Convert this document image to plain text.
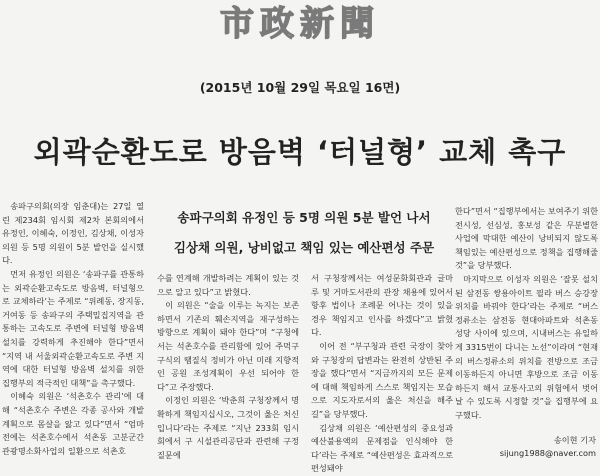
市政新聞
(2015년 10월 29일 목요일 16면)
외곽순환도로 방음벽 ‘터널형’ 교체 촉구
송파구의회 유정인 등 5명 의원 5분 발언 나서
김상채 의원, 낭비없고 책임 있는 예산편성 주문

송파구의회(의장 임춘대)는 27일 열린 제234회 임시회 제2차 본회의에서 유정인, 이혜숙, 이정인, 김상채, 이성자 의원 등 5명 의원이 5분 발언을 실시했다.

먼저 유정인 의원은 ‘송파구를 관통하는 외곽순환고속도로 방음벽, 터널형으로 교체하라’는 주제로 “위례동, 장지동, 거여동 등 송파구의 주택밀집지역을 관통하는 고속도로 주변에 터널형 방음벽 설치를 강력하게 추진해야 한다”면서 “지역 내 서울외곽순환고속도로 주변 지역에 대한 터널형 방음벽 설치를 위한 집행부의 적극적인 대책”을 촉구했다.

이혜숙 의원은 ‘석촌호수 관리’에 대해 “석촌호수 주변은 각종 공사와 개발계획으로 몸살을 앓고 있다”면서 “엄마전에는 석촌호수에서 석촌동 고분군간 관광명소화사업의 일환으로 석촌호

수를 연계해 개발하려는 계획이 있는 것으로 알고 있다”고 밝혔다.

이 의원은 “술을 이루는 녹지는 보존하면서 기존의 훼손지역을 재구성하는 방향으로 계획이 돼야 한다”며 “구청에서는 석촌호수를 관리함에 있어 주먹구구식의 땜질식 정비가 아닌 미래 지향적인 공원 조성계획이 우선 되어야 한다”고 주장했다.

이정인 의원은 ‘박춘희 구청장께서 명확하게 책임지십시오, 그것이 옳은 처신입니다’라는 주제로 “지난 233회 임시회에서 구 시설관리공단과 관련해 구정질문에

서 구청장께서는 여성문화회관과 글마루 및 거마도서관의 관장 채용에 있어서 항후 법이나 조례문 어나는 것이 있을 경우 책임지고 인사를 하겠다”고 밝혔다.

이어 전 “부구청과 관련 국장이 찾아와 구청장의 답변과는 완전히 상반된 주장을 했다”면서 “지금까지의 모든 문제에 대해 책임하게 스스로 책임지는 모습으로 지도자로서의 옳은 처신을 해주길”을 당부했다.

김상채 의원은 ‘예산편성의 중요성과 예산불용액의 문제점을 인식해야 한다’라는 주제로 “예산편성은 효과적으로 편성돼야

한다”면서 “집행부에서는 보여주기 위한 전시성, 선심성, 홍보성 같은 무분별한 사업에 막대한 예산이 낭비되지 않도록 책임있는 예산편성으로 정책을 집행해줄 것”을 당부했다.

마지막으로 이성자 의원은 ‘잘못 설치된 삼전동 쌍용아이트 필라 버스 승강장 위치를 바꿔야 한다’라는 주제로 “버스 정류소는 삼전동 현대아파트와 석촌동 성당 사이에 있으며, 시내버스는 유일하게 3315번이 다니는 노선”이라며 “현재의 버스정류소의 위치를 전방으로 조금 이동하든지 아니면 후방으로 조금 이동하든지 해서 교통사고의 위험에서 벗어날 수 있도록 시정할 것”을 집행부에 요구했다.

송이현 기자
sijung1988@naver.com
